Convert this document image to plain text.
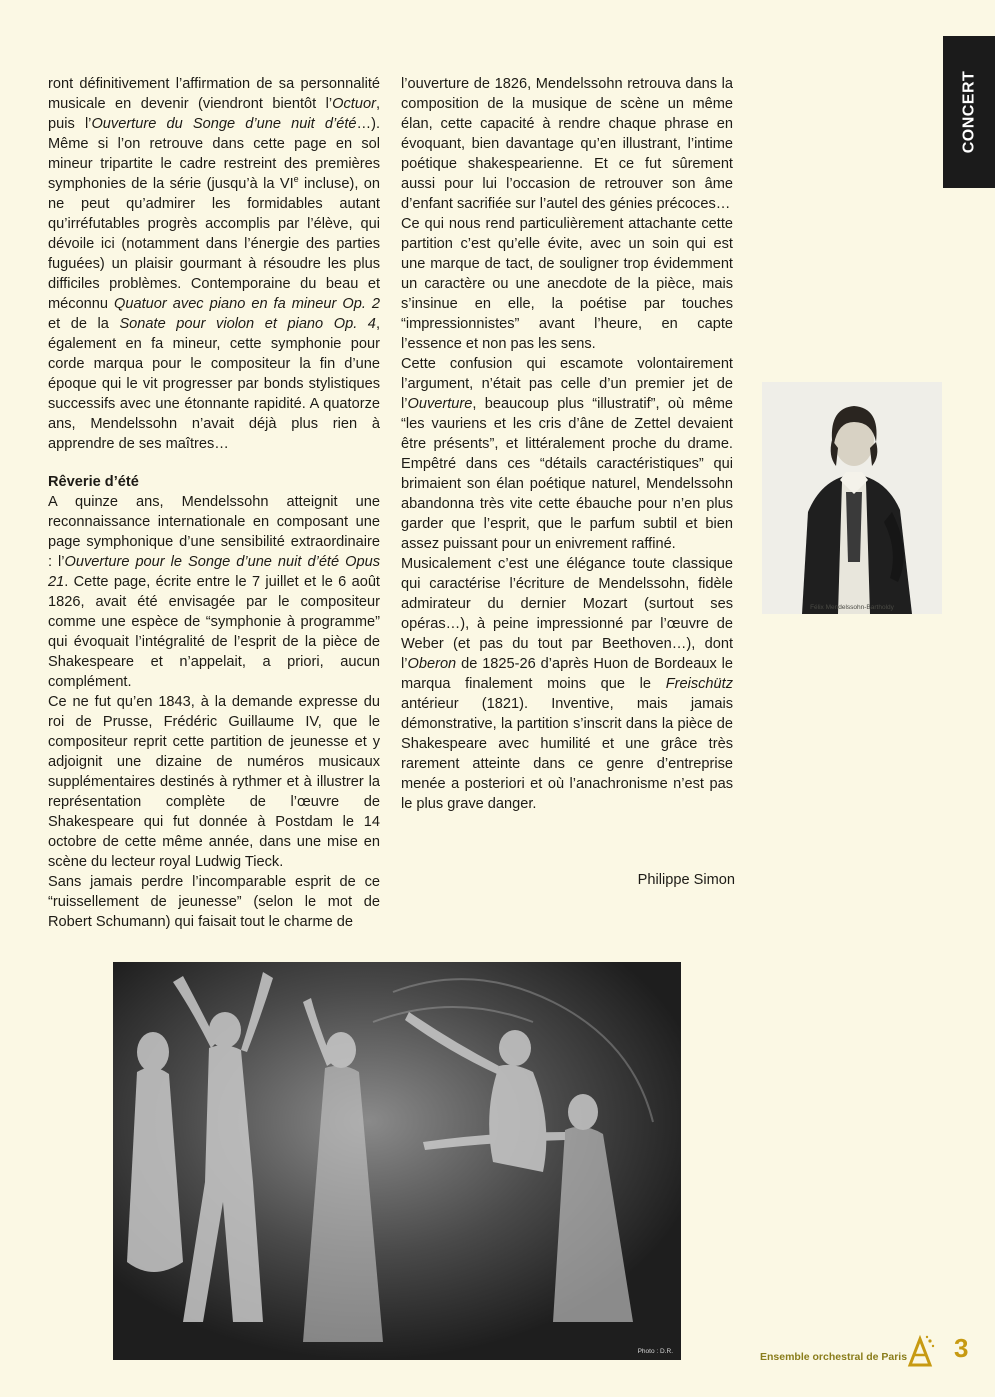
CONCERT

ront définitivement l’affirmation de sa personnalité musicale en devenir (viendront bientôt l’Octuor, puis l’Ouverture du Songe d’une nuit d’été…). Même si l’on retrouve dans cette page en sol mineur tripartite le cadre restreint des premières symphonies de la série (jusqu’à la VIe incluse), on ne peut qu’admirer les formidables autant qu’irréfutables progrès accomplis par l’élève, qui dévoile ici (notamment dans l’énergie des parties fuguées) un plaisir gourmant à résoudre les plus difficiles problèmes. Contemporaine du beau et méconnu Quatuor avec piano en fa mineur Op. 2 et de la Sonate pour violon et piano Op. 4, également en fa mineur, cette symphonie pour corde marqua pour le compositeur la fin d’une époque qui le vit progresser par bonds stylistiques successifs avec une étonnante rapidité. A quatorze ans, Mendelssohn n’avait déjà plus rien à apprendre de ses maîtres…

Rêverie d’été

A quinze ans, Mendelssohn atteignit une reconnaissance internationale en composant une page symphonique d’une sensibilité extraordinaire : l’Ouverture pour le Songe d’une nuit d’été Opus 21. Cette page, écrite entre le 7 juillet et le 6 août 1826, avait été envisagée par le compositeur comme une espèce de “symphonie à programme” qui évoquait l’intégralité de l’esprit de la pièce de Shakespeare et n’appelait, a priori, aucun complément.

Ce ne fut qu’en 1843, à la demande expresse du roi de Prusse, Frédéric Guillaume IV, que le compositeur reprit cette partition de jeunesse et y adjoignit une dizaine de numéros musicaux supplémentaires destinés à rythmer et à illustrer la représentation complète de l’œuvre de Shakespeare qui fut donnée à Postdam le 14 octobre de cette même année, dans une mise en scène du lecteur royal Ludwig Tieck.

Sans jamais perdre l’incomparable esprit de ce “ruissellement de jeunesse” (selon le mot de Robert Schumann) qui faisait tout le charme de

l’ouverture de 1826, Mendelssohn retrouva dans la composition de la musique de scène un même élan, cette capacité à rendre chaque phrase en évoquant, bien davantage qu’en illustrant, l’intime poétique shakespearienne. Et ce fut sûrement aussi pour lui l’occasion de retrouver son âme d’enfant sacrifiée sur l’autel des génies précoces…

Ce qui nous rend particulièrement attachante cette partition c’est qu’elle évite, avec un soin qui est une marque de tact, de souligner trop évidemment un caractère ou une anecdote de la pièce, mais s’insinue en elle, la poétise par touches “impressionnistes” avant l’heure, en capte l’essence et non pas les sens.

Cette confusion qui escamote volontairement l’argument, n’était pas celle d’un premier jet de l’Ouverture, beaucoup plus “illustratif”, où même “les vauriens et les cris d’âne de Zettel devaient être présents”, et littéralement proche du drame. Empêtré dans ces “détails caractéristiques” qui brimaient son élan poétique naturel, Mendelssohn abandonna très vite cette ébauche pour n’en plus garder que l’esprit, que le parfum subtil et bien assez puissant pour un enivrement raffiné.

Musicalement c’est une élégance toute classique qui caractérise l’écriture de Mendelssohn, fidèle admirateur du dernier Mozart (surtout ses opéras…), à peine impressionné par l’œuvre de Weber (et pas du tout par Beethoven…), dont l’Oberon de 1825-26 d’après Huon de Bordeaux le marqua finalement moins que le Freischütz antérieur (1821). Inventive, mais jamais démonstrative, la partition s’inscrit dans la pièce de Shakespeare avec humilité et une grâce très rarement atteinte dans ce genre d’entreprise menée a posteriori et où l’anachronisme n’est pas le plus grave danger.

Philippe Simon
Félix Mendelssohn-Bartholdy
Photo : D.R.	Ensemble orchestral de Paris 3
